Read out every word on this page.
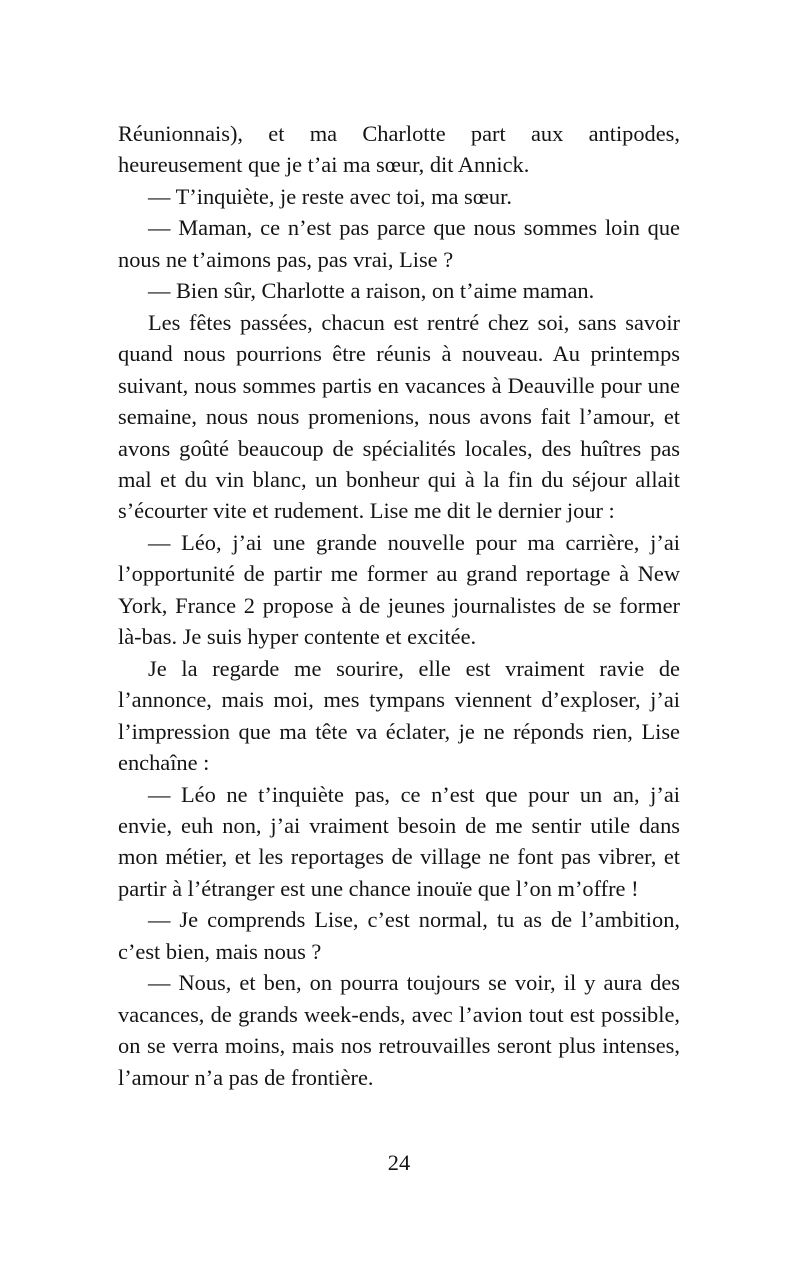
Réunionnais), et ma Charlotte part aux antipodes, heureusement que je t’ai ma sœur, dit Annick.

— T’inquiète, je reste avec toi, ma sœur.

— Maman, ce n’est pas parce que nous sommes loin que nous ne t’aimons pas, pas vrai, Lise ?

— Bien sûr, Charlotte a raison, on t’aime maman.

Les fêtes passées, chacun est rentré chez soi, sans savoir quand nous pourrions être réunis à nouveau. Au printemps suivant, nous sommes partis en vacances à Deauville pour une semaine, nous nous promenions, nous avons fait l’amour, et avons goûté beaucoup de spécialités locales, des huîtres pas mal et du vin blanc, un bonheur qui à la fin du séjour allait s’écourter vite et rudement. Lise me dit le dernier jour :

— Léo, j’ai une grande nouvelle pour ma carrière, j’ai l’opportunité de partir me former au grand reportage à New York, France 2 propose à de jeunes journalistes de se former là-bas. Je suis hyper contente et excitée.

Je la regarde me sourire, elle est vraiment ravie de l’annonce, mais moi, mes tympans viennent d’exploser, j’ai l’impression que ma tête va éclater, je ne réponds rien, Lise enchaîne :

— Léo ne t’inquiète pas, ce n’est que pour un an, j’ai envie, euh non, j’ai vraiment besoin de me sentir utile dans mon métier, et les reportages de village ne font pas vibrer, et partir à l’étranger est une chance inouïe que l’on m’offre !

— Je comprends Lise, c’est normal, tu as de l’ambition, c’est bien, mais nous ?

— Nous, et ben, on pourra toujours se voir, il y aura des vacances, de grands week-ends, avec l’avion tout est possible, on se verra moins, mais nos retrouvailles seront plus intenses, l’amour n’a pas de frontière.

24
